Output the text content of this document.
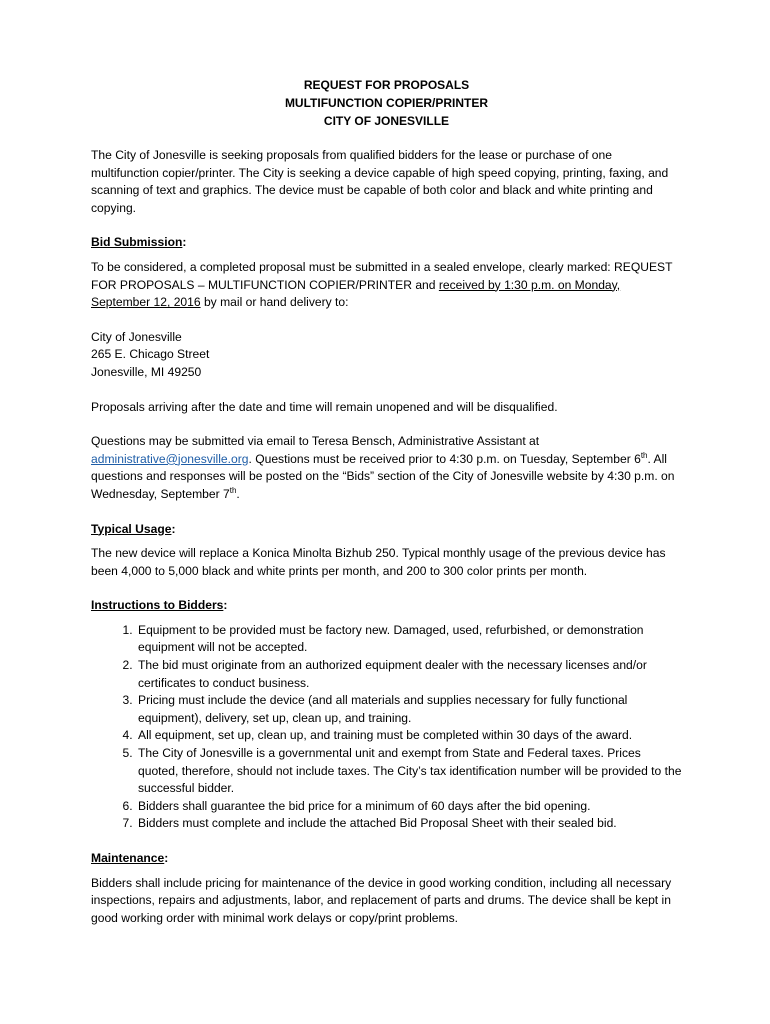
REQUEST FOR PROPOSALS
MULTIFUNCTION COPIER/PRINTER
CITY OF JONESVILLE

The City of Jonesville is seeking proposals from qualified bidders for the lease or purchase of one multifunction copier/printer. The City is seeking a device capable of high speed copying, printing, faxing, and scanning of text and graphics. The device must be capable of both color and black and white printing and copying.

Bid Submission:

To be considered, a completed proposal must be submitted in a sealed envelope, clearly marked: REQUEST FOR PROPOSALS – MULTIFUNCTION COPIER/PRINTER and received by 1:30 p.m. on Monday, September 12, 2016 by mail or hand delivery to:

City of Jonesville
265 E. Chicago Street
Jonesville, MI 49250

Proposals arriving after the date and time will remain unopened and will be disqualified.

Questions may be submitted via email to Teresa Bensch, Administrative Assistant at administrative@jonesville.org. Questions must be received prior to 4:30 p.m. on Tuesday, September 6th. All questions and responses will be posted on the “Bids” section of the City of Jonesville website by 4:30 p.m. on Wednesday, September 7th.

Typical Usage:

The new device will replace a Konica Minolta Bizhub 250. Typical monthly usage of the previous device has been 4,000 to 5,000 black and white prints per month, and 200 to 300 color prints per month.

Instructions to Bidders:
1. Equipment to be provided must be factory new. Damaged, used, refurbished, or demonstration equipment will not be accepted.
2. The bid must originate from an authorized equipment dealer with the necessary licenses and/or certificates to conduct business.
3. Pricing must include the device (and all materials and supplies necessary for fully functional equipment), delivery, set up, clean up, and training.
4. All equipment, set up, clean up, and training must be completed within 30 days of the award.
5. The City of Jonesville is a governmental unit and exempt from State and Federal taxes. Prices quoted, therefore, should not include taxes. The City’s tax identification number will be provided to the successful bidder.
6. Bidders shall guarantee the bid price for a minimum of 60 days after the bid opening.
7. Bidders must complete and include the attached Bid Proposal Sheet with their sealed bid.
Maintenance:

Bidders shall include pricing for maintenance of the device in good working condition, including all necessary inspections, repairs and adjustments, labor, and replacement of parts and drums. The device shall be kept in good working order with minimal work delays or copy/print problems.
